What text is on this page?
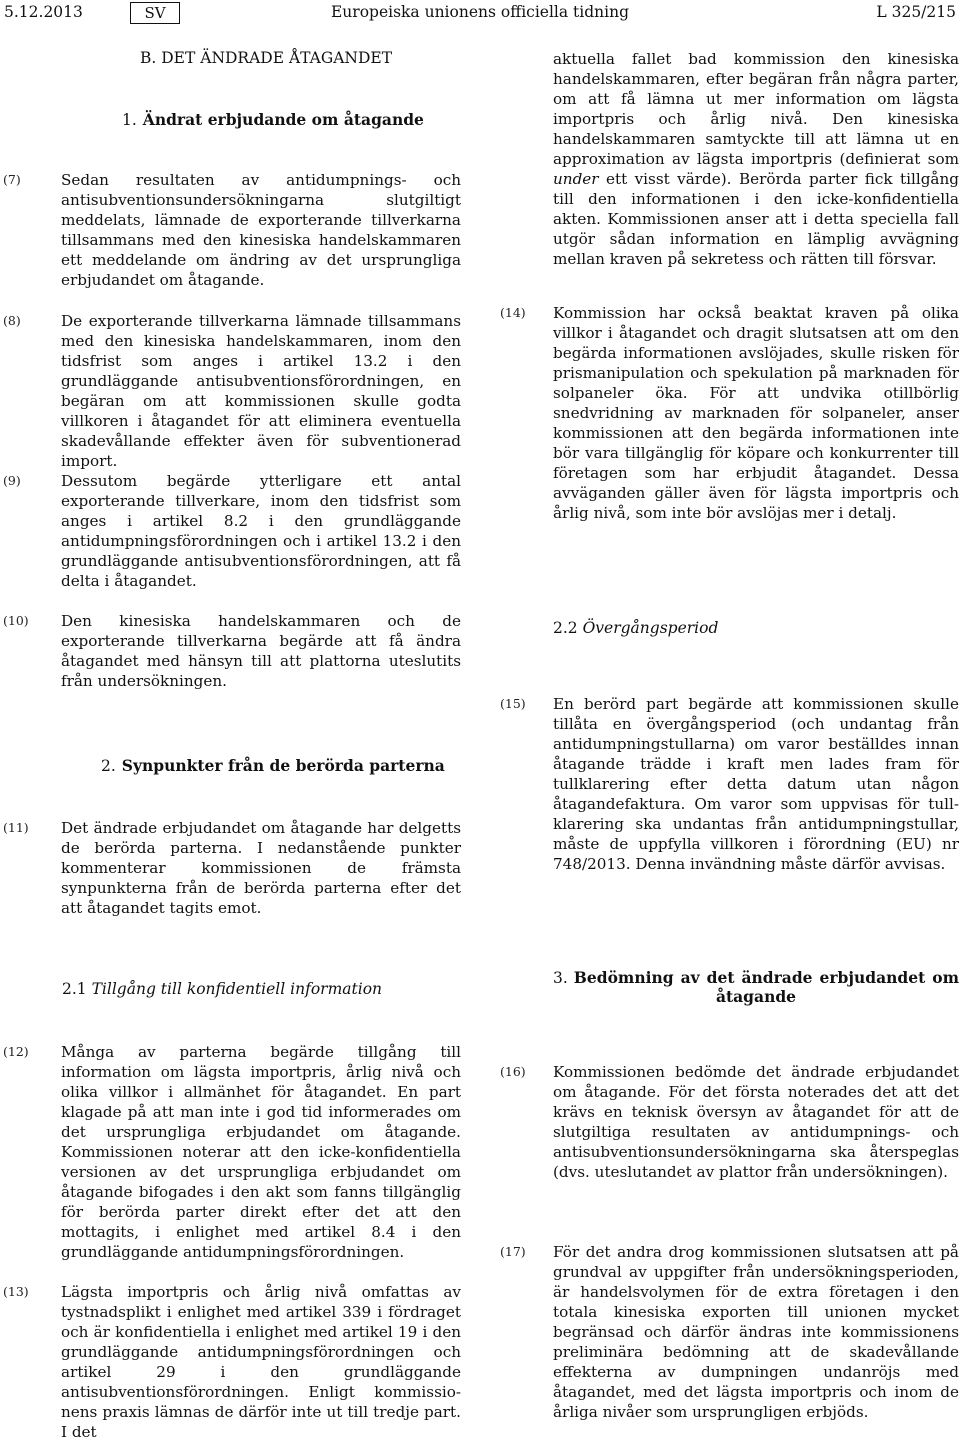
5.12.2013	SV	Europeiska unionens officiella tidning	L 325/215
B. DET ÄNDRADE ÅTAGANDET
1. Ändrat erbjudande om åtagande
(7)	Sedan resultaten av antidumpnings- och antisubventionsundersökningarna slutgiltigt meddelats, lämnade de exporterande tillverkarna tillsammans med den kinesiska handelskammaren ett meddelande om ändring av det ursprungliga erbjudandet om åtagande.
aktuella fallet bad kommission den kinesiska handelskammaren, efter begäran från några parter, om att få lämna ut mer information om lägsta importpris och årlig nivå. Den kinesiska handelskammaren samtyckte till att lämna ut en approximation av lägsta importpris (definierat som under ett visst värde). Berörda parter fick tillgång till den informationen i den icke-konfidentiella akten. Kommissionen anser att i detta speciella fall utgör sådan information en lämplig avvägning mellan kraven på sekretess och rätten till försvar.
(8)	De exporterande tillverkarna lämnade tillsammans med den kinesiska handelskammaren, inom den tidsfrist som anges i artikel 13.2 i den grundläggande antisubventionsförordningen, en begäran om att kommissionen skulle godta villkoren i åtagandet för att eliminera eventuella skadevållande effekter även för subventionerad import.
(9)	Dessutom begärde ytterligare ett antal exporterande tillverkare, inom den tidsfrist som anges i artikel 8.2 i den grundläggande antidumpningsförordningen och i artikel 13.2 i den grundläggande antisubventionsförordningen, att få delta i åtagandet.
(14) Kommission har också beaktat kraven på olika villkor i åtagandet och dragit slutsatsen att om den begärda informationen avslöjades, skulle risken för prismanipulation och spekulation på marknaden för solpaneler öka. För att undvika otillbörlig snedvridning av marknaden för solpaneler, anser kommissionen att den begärda informationen inte bör vara tillgänglig för köpare och konkurrenter till företagen som har erbjudit åtagandet. Dessa avväganden gäller även för lägsta importpris och årlig nivå, som inte bör avslöjas mer i detalj.
(10) Den kinesiska handelskammaren och de exporterande tillverkarna begärde att få ändra åtagandet med hänsyn till att plattorna uteslutits från undersökningen.
2.2 Övergångsperiod
(15) En berörd part begärde att kommissionen skulle tillåta en övergångsperiod (och undantag från antidumpningstullarna) om varor beställdes innan åtagande trädde i kraft men lades fram för tullklarering efter detta datum utan någon åtagandefaktura. Om varor som uppvisas för tullklarering ska undantas från antidumpningstullar, måste de uppfylla villkoren i förordning (EU) nr 748/2013. Denna invändning måste därför avvisas.
2. Synpunkter från de berörda parterna
(11) Det ändrade erbjudandet om åtagande har delgetts de berörda parterna. I nedanstående punkter kommenterar kommissionen de främsta synpunkterna från de berörda parterna efter det att åtagandet tagits emot.
2.1 Tillgång till konfidentiell information
3. Bedömning av det ändrade erbjudandet om åtagande
(12) Många av parterna begärde tillgång till information om lägsta importpris, årlig nivå och olika villkor i allmänhet för åtagandet. En part klagade på att man inte i god tid informerades om det ursprungliga erbjudandet om åtagande. Kommissionen noterar att den icke-konfidentiella versionen av det ursprungliga erbjudandet om åtagande bifogades i den akt som fanns tillgänglig för berörda parter direkt efter det att den mottagits, i enlighet med artikel 8.4 i den grundläggande antidumpningsförordningen.
(16) Kommissionen bedömde det ändrade erbjudandet om åtagande. För det första noterades det att det krävs en teknisk översyn av åtagandet för att de slutgiltiga resultaten av antidumpnings- och antisubventionsundersökningarna ska återspeglas (dvs. uteslutandet av plattor från undersökningen).
(13) Lägsta importpris och årlig nivå omfattas av tystnadsplikt i enlighet med artikel 339 i fördraget och är konfidentiella i enlighet med artikel 19 i den grundläggande antidumpningsförordningen och artikel 29 i den grundläggande antisubventionsförordningen. Enligt kommissionens praxis lämnas de därför inte ut till tredje part. I det
(17) För det andra drog kommissionen slutsatsen att på grundval av uppgifter från undersökningsperioden, är handelsvolymen för de extra företagen i den totala kinesiska exporten till unionen mycket begränsad och därför ändras inte kommissionens preliminära bedömning att de skadevållande effekterna av dumpningen undanröjs med åtagandet, med det lägsta importpris och inom de årliga nivåer som ursprungligen erbjöds.
